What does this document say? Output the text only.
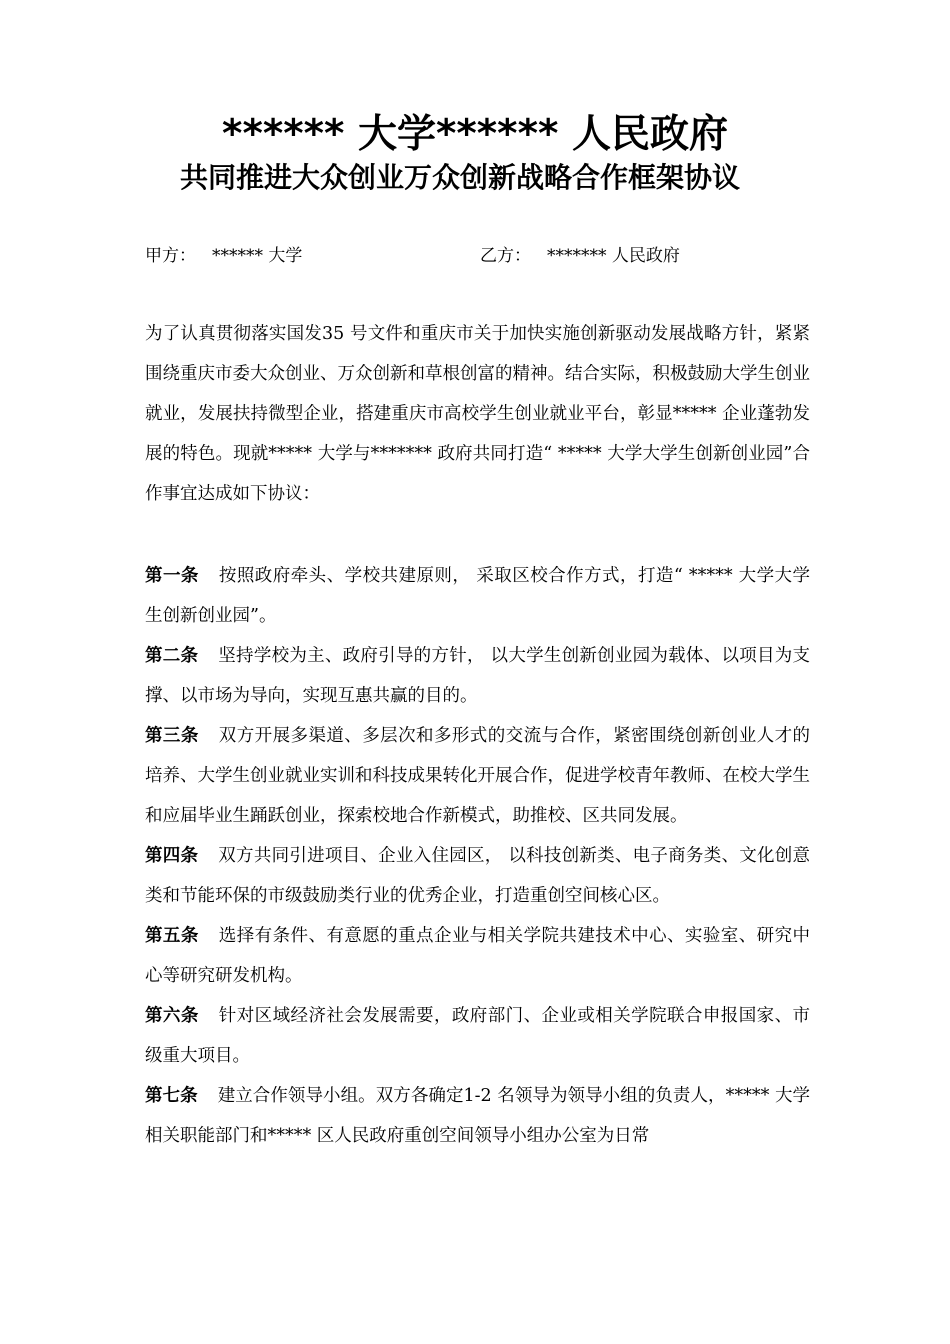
****** 大学****** 人民政府
共同推进大众创业万众创新战略合作框架协议
甲方： ****** 大学	乙方： ******* 人民政府
为了认真贯彻落实国发35 号文件和重庆市关于加快实施创新驱动发展战略方针，紧紧围绕重庆市委大众创业、万众创新和草根创富的精神。结合实际，积极鼓励大学生创业就业，发展扶持微型企业，搭建重庆市高校学生创业就业平台，彰显***** 企业蓬勃发展的特色。现就***** 大学与******* 政府共同打造“ ***** 大学大学生创新创业园”合作事宜达成如下协议：

第一条 按照政府牵头、学校共建原则， 采取区校合作方式，打造“ ***** 大学大学生创新创业园”。

第二条 坚持学校为主、政府引导的方针， 以大学生创新创业园为载体、以项目为支撑、以市场为导向，实现互惠共赢的目的。

第三条 双方开展多渠道、多层次和多形式的交流与合作，紧密围绕创新创业人才的培养、大学生创业就业实训和科技成果转化开展合作，促进学校青年教师、在校大学生和应届毕业生踊跃创业，探索校地合作新模式，助推校、区共同发展。

第四条 双方共同引进项目、企业入住园区， 以科技创新类、电子商务类、文化创意类和节能环保的市级鼓励类行业的优秀企业，打造重创空间核心区。

第五条 选择有条件、有意愿的重点企业与相关学院共建技术中心、实验室、研究中心等研究研发机构。

第六条 针对区域经济社会发展需要，政府部门、企业或相关学院联合申报国家、市级重大项目。

第七条 建立合作领导小组。双方各确定1-2 名领导为领导小组的负责人，***** 大学相关职能部门和***** 区人民政府重创空间领导小组办公室为日常
